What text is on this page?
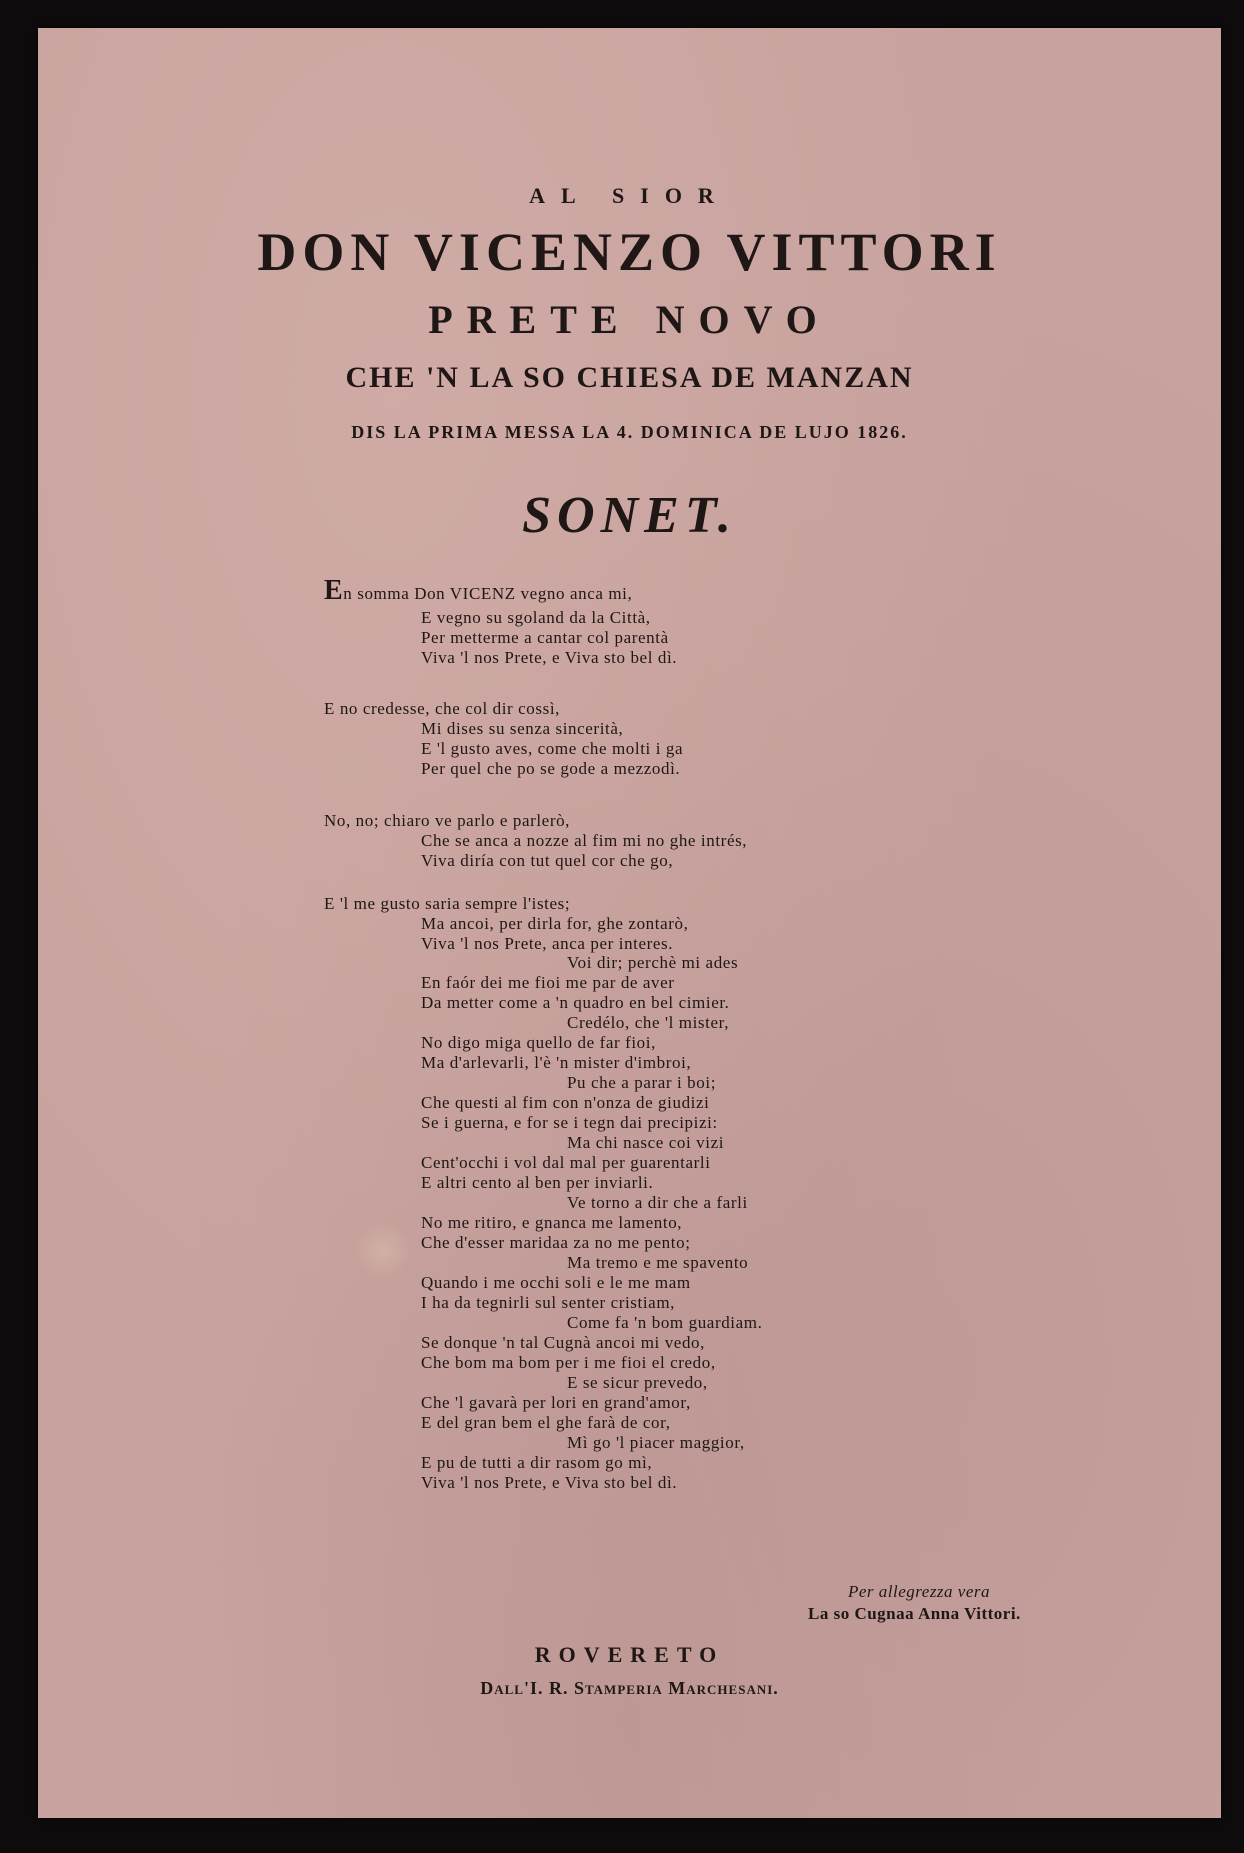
AL SIOR
DON VICENZO VITTORI
PRETE NOVO
CHE 'N LA SO CHIESA DE MANZAN
DIS LA PRIMA MESSA LA 4. DOMINICA DE LUJO 1826.
SONET.
En somma Don VICENZ vegno anca mi,
E vegno su sgoland da la Città,
Per metterme a cantar col parentà
Viva 'l nos Prete, e Viva sto bel dì.
E no credesse, che col dir cossì,
Mi dises su senza sincerità,
E 'l gusto aves, come che molti i ga
Per quel che po se gode a mezzodì.
No, no; chiaro ve parlo e parlerò,
Che se anca a nozze al fim mi no ghe intrés,
Viva diría con tut quel cor che go,
E 'l me gusto saria sempre l'istes;
Ma ancoi, per dirla for, ghe zontarò,
Viva 'l nos Prete, anca per interes.
Voi dir; perchè mi ades
En faór dei me fioi me par de aver
Da metter come a 'n quadro en bel cimier.
Credélo, che 'l mister,
No digo miga quello de far fioi,
Ma d'arlevarli, l'è 'n mister d'imbroi,
Pu che a parar i boi;
Che questi al fim con n'onza de giudizi
Se i guerna, e for se i tegn dai precipizi:
Ma chi nasce coi vizi
Cent'occhi i vol dal mal per guarentarli
E altri cento al ben per inviarli.
Ve torno a dir che a farli
No me ritiro, e gnanca me lamento,
Che d'esser maridaa za no me pento;
Ma tremo e me spavento
Quando i me occhi soli e le me mam
I ha da tegnirli sul senter cristiam,
Come fa 'n bom guardiam.
Se donque 'n tal Cugnà ancoi mi vedo,
Che bom ma bom per i me fioi el credo,
E se sicur prevedo,
Che 'l gavarà per lori en grand'amor,
E del gran bem el ghe farà de cor,
Mì go 'l piacer maggior,
E pu de tutti a dir rasom go mì,
Viva 'l nos Prete, e Viva sto bel dì.
Per allegrezza vera
La so Cugnaa Anna Vittori.
ROVERETO
Dall'I. R. Stamperia Marchesani.
